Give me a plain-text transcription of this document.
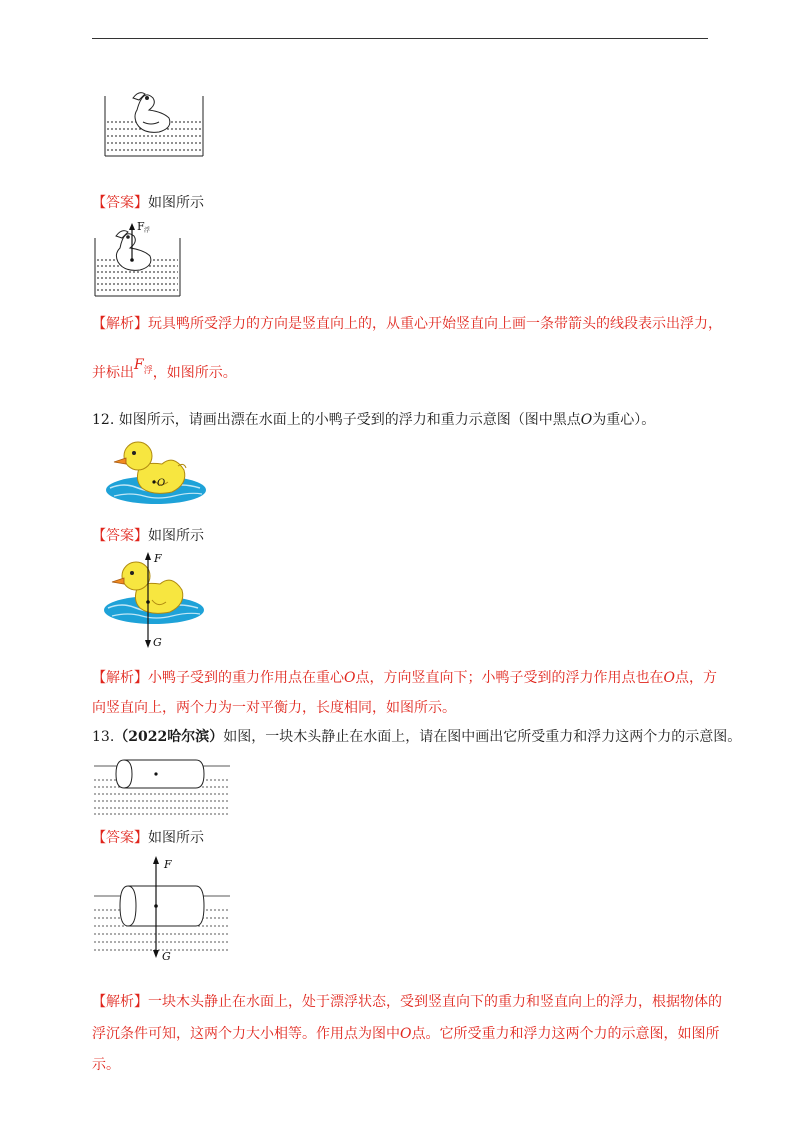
【答案】如图所示
F 浮
【解析】玩具鸭所受浮力的方向是竖直向上的，从重心开始竖直向上画一条带箭头的线段表示出浮力，
并标出$F^浮$，如图所示。
12. 如图所示，请画出漂在水面上的小鸭子受到的浮力和重力示意图（图中黑点O为重心）。
O
【答案】如图所示
F
G
【解析】小鸭子受到的重力作用点在重心O点，方向竖直向下；小鸭子受到的浮力作用点也在O点，方
向竖直向上，两个力为一对平衡力，长度相同，如图所示。
13.（2022哈尔滨）如图，一块木头静止在水面上，请在图中画出它所受重力和浮力这两个力的示意图。
【答案】如图所示
F
G
【解析】一块木头静止在水面上，处于漂浮状态，受到竖直向下的重力和竖直向上的浮力，根据物体的
浮沉条件可知，这两个力大小相等。作用点为图中O点。它所受重力和浮力这两个力的示意图，如图所
示。
